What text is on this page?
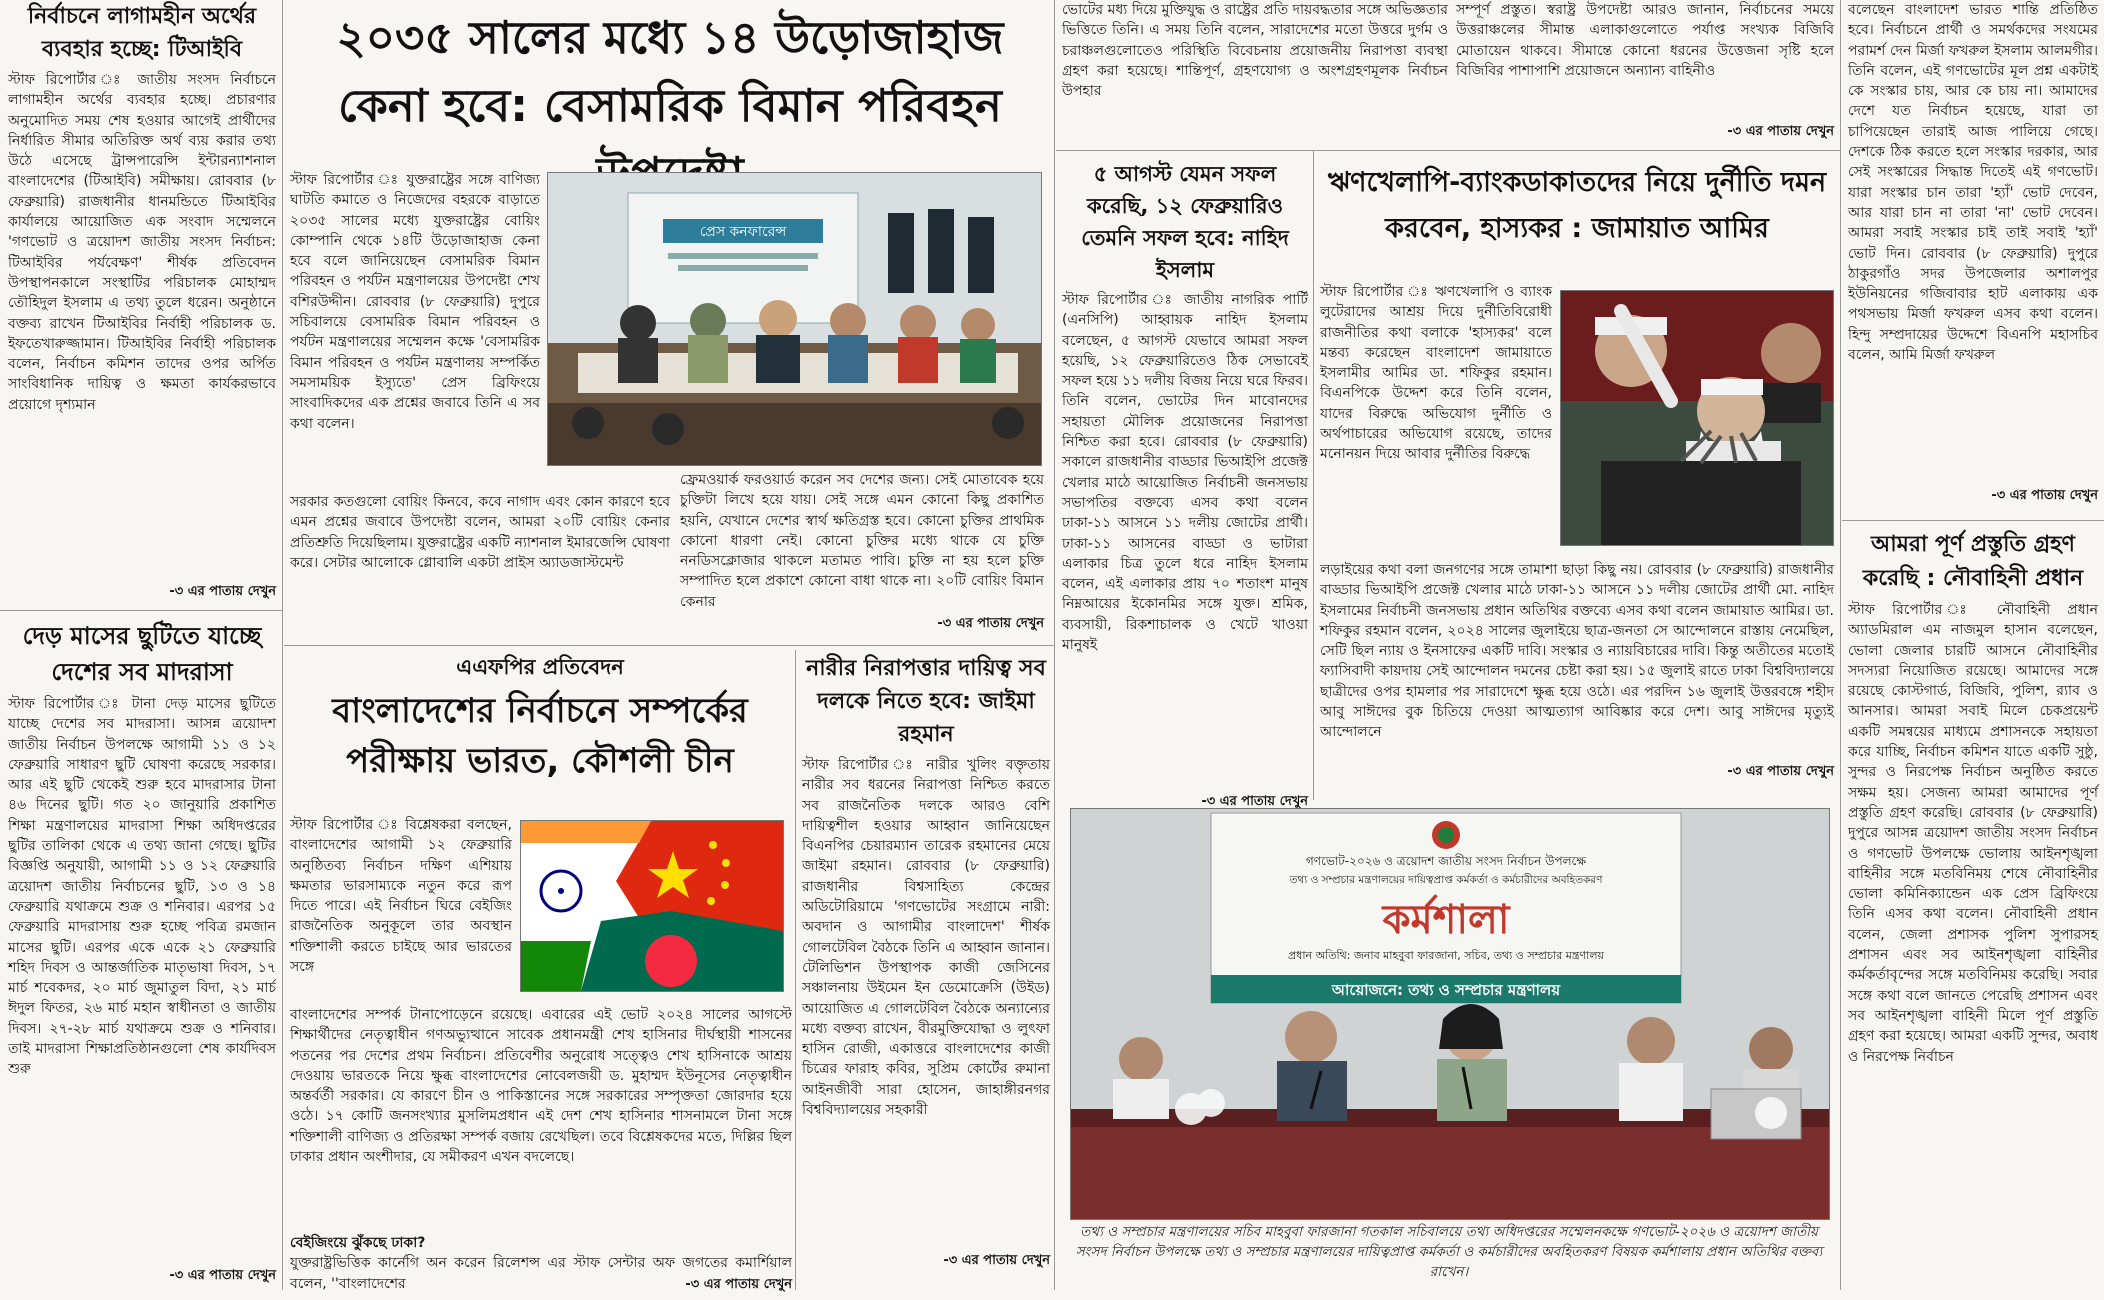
নির্বাচনে লাগামহীন অর্থের ব্যবহার হচ্ছে: টিআইবি

স্টাফ রিপোর্টার ঃ জাতীয় সংসদ নির্বাচনে লাগামহীন অর্থের ব্যবহার হচ্ছে। প্রচারণার অনুমোদিত সময় শেষ হওয়ার আগেই প্রার্থীদের নির্ধারিত সীমার অতিরিক্ত অর্থ ব্যয় করার তথ্য উঠে এসেছে ট্রান্সপারেন্সি ইন্টারন্যাশনাল বাংলাদেশের (টিআইবি) সমীক্ষায়। রোববার (৮ ফেব্রুয়ারি) রাজধানীর ধানমন্ডিতে টিআইবির কার্যালয়ে আয়োজিত এক সংবাদ সম্মেলনে 'গণভোট ও ত্রয়োদশ জাতীয় সংসদ নির্বাচন: টিআইবির পর্যবেক্ষণ' শীর্ষক প্রতিবেদন উপস্থাপনকালে সংস্থাটির পরিচালক মোহাম্মদ তৌহিদুল ইসলাম এ তথ্য তুলে ধরেন। অনুষ্ঠানে বক্তব্য রাখেন টিআইবির নির্বাহী পরিচালক ড. ইফতেখারুজ্জামান। টিআইবির নির্বাহী পরিচালক বলেন, নির্বাচন কমিশন তাদের ওপর অর্পিত সাংবিধানিক দায়িত্ব ও ক্ষমতা কার্যকরভাবে প্রয়োগে দৃশ্যমান

-৩ এর পাতায় দেখুন
দেড় মাসের ছুটিতে যাচ্ছে দেশের সব মাদরাসা

স্টাফ রিপোর্টার ঃ টানা দেড় মাসের ছুটিতে যাচ্ছে দেশের সব মাদরাসা। আসন্ন ত্রয়োদশ জাতীয় নির্বাচন উপলক্ষে আগামী ১১ ও ১২ ফেব্রুয়ারি সাধারণ ছুটি ঘোষণা করেছে সরকার। আর এই ছুটি থেকেই শুরু হবে মাদরাসার টানা ৪৬ দিনের ছুটি। গত ২০ জানুয়ারি প্রকাশিত শিক্ষা মন্ত্রণালয়ের মাদরাসা শিক্ষা অধিদপ্তরের ছুটির তালিকা থেকে এ তথ্য জানা গেছে। ছুটির বিজ্ঞপ্তি অনুযায়ী, আগামী ১১ ও ১২ ফেব্রুয়ারি ত্রয়োদশ জাতীয় নির্বাচনের ছুটি, ১৩ ও ১৪ ফেব্রুয়ারি যথাক্রমে শুক্র ও শনিবার। এরপর ১৫ ফেব্রুয়ারি মাদরাসায় শুরু হচ্ছে পবিত্র রমজান মাসের ছুটি। এরপর একে একে ২১ ফেব্রুয়ারি শহিদ দিবস ও আন্তর্জাতিক মাতৃভাষা দিবস, ১৭ মার্চ শবেকদর, ২০ মার্চ জুমাতুল বিদা, ২১ মার্চ ঈদুল ফিতর, ২৬ মার্চ মহান স্বাধীনতা ও জাতীয় দিবস। ২৭-২৮ মার্চ যথাক্রমে শুক্র ও শনিবার। তাই মাদরাসা শিক্ষাপ্রতিষ্ঠানগুলো শেষ কার্যদিবস শুরু

-৩ এর পাতায় দেখুন
২০৩৫ সালের মধ্যে ১৪ উড়োজাহাজ কেনা হবে: বেসামরিক বিমান পরিবহন

স্টাফ রিপোর্টার ঃ যুক্তরাষ্ট্রের সঙ্গে বাণিজ্য ঘাটতি কমাতে ও নিজেদের বহরকে বাড়াতে ২০৩৫ সালের মধ্যে যুক্তরাষ্ট্রের বোয়িং কোম্পানি থেকে ১৪টি উড়োজাহাজ কেনা হবে বলে জানিয়েছেন বেসামরিক বিমান পরিবহন ও পর্যটন মন্ত্রণালয়ের উপদেষ্টা শেখ বশিরউদ্দীন। রোববার (৮ ফেব্রুয়ারি) দুপুরে সচিবালয়ে বেসামরিক বিমান পরিবহন ও পর্যটন মন্ত্রণালয়ের সম্মেলন কক্ষে 'বেসামরিক বিমান পরিবহন ও পর্যটন মন্ত্রণালয় সম্পর্কিত সমসাময়িক ইস্যুতে' প্রেস ব্রিফিংয়ে সাংবাদিকদের এক প্রশ্নের জবাবে তিনি এ সব কথা বলেন।

প্রেস কনফারেন্স

সরকার কতগুলো বোয়িং কিনবে, কবে নাগাদ এবং কোন কারণে হবে এমন প্রশ্নের জবাবে উপদেষ্টা বলেন, আমরা ২০টি বোয়িং কেনার প্রতিশ্রুতি দিয়েছিলাম। যুক্তরাষ্ট্রের একটি ন্যাশনাল ইমারজেন্সি ঘোষণা করে। সেটার আলোকে গ্লোবালি একটা প্রাইস অ্যাডজাস্টমেন্ট

ফ্রেমওয়ার্ক ফরওয়ার্ড করেন সব দেশের জন্য। সেই মোতাবেক হয়ে চুক্তিটা লিখে হয়ে যায়। সেই সঙ্গে এমন কোনো কিছু প্রকাশিত হয়নি, যেখানে দেশের স্বার্থ ক্ষতিগ্রস্ত হবে। কোনো চুক্তির প্রাথমিক কোনো ধারণা নেই। কোনো চুক্তির মধ্যে থাকে যে চুক্তি ননডিসক্লোজার থাকলে মতামত পাবি। চুক্তি না হয় হলে চুক্তি সম্পাদিত হলে প্রকাশে কোনো বাধা থাকে না। ২০টি বোয়িং বিমান কেনার

-৩ এর পাতায় দেখুন
এএফপির প্রতিবেদন
বাংলাদেশের নির্বাচনে সম্পর্কের পরীক্ষায় ভারত, কৌশলী চীন

স্টাফ রিপোর্টার ঃ বিশ্লেষকরা বলছেন, বাংলাদেশের আগামী ১২ ফেব্রুয়ারি অনুষ্ঠিতব্য নির্বাচন দক্ষিণ এশিয়ায় ক্ষমতার ভারসাম্যকে নতুন করে রূপ দিতে পারে। এই নির্বাচন ঘিরে বেইজিং রাজনৈতিক অনুকূলে তার অবস্থান শক্তিশালী করতে চাইছে আর ভারতের সঙ্গে

বাংলাদেশের সম্পর্ক টানাপোড়েনে রয়েছে। এবারের এই ভোট ২০২৪ সালের আগস্টে শিক্ষার্থীদের নেতৃত্বাধীন গণঅভ্যুত্থানে সাবেক প্রধানমন্ত্রী শেখ হাসিনার দীর্ঘস্থায়ী শাসনের পতনের পর দেশের প্রথম নির্বাচন। প্রতিবেশীর অনুরোধ সত্ত্বেও শেখ হাসিনাকে আশ্রয় দেওয়ায় ভারতকে নিয়ে ক্ষুব্ধ বাংলাদেশের নোবেলজয়ী ড. মুহাম্মদ ইউনূসের নেতৃত্বাধীন অন্তর্বর্তী সরকার। যে কারণে চীন ও পাকিস্তানের সঙ্গে সরকারের সম্পৃক্ততা জোরদার হয়ে ওঠে। ১৭ কোটি জনসংখ্যার মুসলিমপ্রধান এই দেশ শেখ হাসিনার শাসনামলে টানা সঙ্গে শক্তিশালী বাণিজ্য ও প্রতিরক্ষা সম্পর্ক বজায় রেখেছিল। তবে বিশ্লেষকদের মতে, দিল্লির ছিল ঢাকার প্রধান অংশীদার, যে সমীকরণ এখন বদলেছে।

বেইজিংয়ে ঝুঁকছে ঢাকা?

যুক্তরাষ্ট্রভিত্তিক কার্নেগি অন করেন রিলেশন্স এর স্টাফ সেন্টার অফ জগতের কমার্শিয়াল বলেন, ''বাংলাদেশের	-৩ এর পাতায় দেখুন
নারীর নিরাপত্তার দায়িত্ব সব দলকে নিতে হবে: জাইমা রহমান

স্টাফ রিপোর্টার ঃ নারীর খুলিং বক্তৃতায় নারীর সব ধরনের নিরাপত্তা নিশ্চিত করতে সব রাজনৈতিক দলকে আরও বেশি দায়িত্বশীল হওয়ার আহ্বান জানিয়েছেন বিএনপির চেয়ারম্যান তারেক রহমানের মেয়ে জাইমা রহমান। রোববার (৮ ফেব্রুয়ারি) রাজধানীর বিশ্বসাহিত্য কেন্দ্রের অডিটোরিয়ামে 'গণভোটের সংগ্রামে নারী: অবদান ও আগামীর বাংলাদেশ' শীর্ষক গোলটেবিল বৈঠকে তিনি এ আহ্বান জানান। টেলিভিশন উপস্থাপক কাজী জেসিনের সঞ্চালনায় উইমেন ইন ডেমোক্রেসি (উইড) আয়োজিত এ গোলটেবিল বৈঠকে অন্যান্যের মধ্যে বক্তব্য রাখেন, বীরমুক্তিযোদ্ধা ও লুৎফা হাসিন রোজী, একাত্তরে বাংলাদেশের কাজী চিত্রের ফারাহ কবির, সুপ্রিম কোর্টের রুমানা আইনজীবী সারা হোসেন, জাহাঙ্গীরনগর বিশ্ববিদ্যালয়ের সহকারী

-৩ এর পাতায় দেখুন

ভোটের মধ্য দিয়ে মুক্তিযুদ্ধ ও রাষ্ট্রের প্রতি দায়বদ্ধতার সঙ্গে অভিজ্ঞতার ভিত্তিতে তিনি। এ সময় তিনি বলেন, সারাদেশের মতো উত্তরে দুর্গম ও চরাঞ্চলগুলোতেও পরিস্থিতি বিবেচনায় প্রয়োজনীয় নিরাপত্তা ব্যবস্থা গ্রহণ করা হয়েছে। শান্তিপূর্ণ, গ্রহণযোগ্য ও অংশগ্রহণমূলক নির্বাচন উপহার

সম্পূর্ণ প্রস্তুত। স্বরাষ্ট্র উপদেষ্টা আরও জানান, নির্বাচনের সময়ে উত্তরাঞ্চলের সীমান্ত এলাকাগুলোতে পর্যাপ্ত সংখ্যক বিজিবি মোতায়েন থাকবে। সীমান্তে কোনো ধরনের উত্তেজনা সৃষ্টি হলে বিজিবির পাশাপাশি প্রয়োজনে অন্যান্য বাহিনীও

-৩ এর পাতায় দেখুন
৫ আগস্ট যেমন সফল করেছি, ১২ ফেব্রুয়ারিও তেমনি সফল হবে: নাহিদ ইসলাম

স্টাফ রিপোর্টার ঃ জাতীয় নাগরিক পার্টি (এনসিপি) আহ্বায়ক নাহিদ ইসলাম বলেছেন, ৫ আগস্ট যেভাবে আমরা সফল হয়েছি, ১২ ফেব্রুয়ারিতেও ঠিক সেভাবেই সফল হয়ে ১১ দলীয় বিজয় নিয়ে ঘরে ফিরব। তিনি বলেন, ভোটের দিন মাবোনদের সহায়তা মৌলিক প্রয়োজনের নিরাপত্তা নিশ্চিত করা হবে। রোববার (৮ ফেব্রুয়ারি) সকালে রাজধানীর বাড্ডার ভিআইপি প্রজেক্ট খেলার মাঠে আয়োজিত নির্বাচনী জনসভায় সভাপতির বক্তব্যে এসব কথা বলেন ঢাকা-১১ আসনে ১১ দলীয় জোটের প্রার্থী। ঢাকা-১১ আসনের বাড্ডা ও ভাটারা এলাকার চিত্র তুলে ধরে নাহিদ ইসলাম বলেন, এই এলাকার প্রায় ৭০ শতাংশ মানুষ নিম্নআয়ের ইকোনমির সঙ্গে যুক্ত। শ্রমিক, ব্যবসায়ী, রিকশাচালক ও খেটে খাওয়া মানুষই

-৩ এর পাতায় দেখুন
ঋণখেলাপি-ব্যাংকডাকাতদের নিয়ে দুর্নীতি দমন করবেন, হাস্যকর : জামায়াত আমির

স্টাফ রিপোর্টার ঃ ঋণখেলাপি ও ব্যাংক লুটেরাদের আশ্রয় দিয়ে দুর্নীতিবিরোধী রাজনীতির কথা বলাকে 'হাস্যকর' বলে মন্তব্য করেছেন বাংলাদেশ জামায়াতে ইসলামীর আমির ডা. শফিকুর রহমান। বিএনপিকে উদ্দেশ করে তিনি বলেন, যাদের বিরুদ্ধে অভিযোগ দুর্নীতি ও অর্থপাচারের অভিযোগ রয়েছে, তাদের মনোনয়ন দিয়ে আবার দুর্নীতির বিরুদ্ধে

লড়াইয়ের কথা বলা জনগণের সঙ্গে তামাশা ছাড়া কিছু নয়। রোববার (৮ ফেব্রুয়ারি) রাজধানীর বাড্ডার ভিআইপি প্রজেক্ট খেলার মাঠে ঢাকা-১১ আসনে ১১ দলীয় জোটের প্রার্থী মো. নাহিদ ইসলামের নির্বাচনী জনসভায় প্রধান অতিথির বক্তব্যে এসব কথা বলেন জামায়াত আমির। ডা. শফিকুর রহমান বলেন, ২০২৪ সালের জুলাইয়ে ছাত্র-জনতা সে আন্দোলনে রাস্তায় নেমেছিল, সেটি ছিল ন্যায় ও ইনসাফের একটি দাবি। সংস্কার ও ন্যায়বিচারের দাবি। কিন্তু অতীতের মতোই ফ্যাসিবাদী কায়দায় সেই আন্দোলন দমনের চেষ্টা করা হয়। ১৫ জুলাই রাতে ঢাকা বিশ্ববিদ্যালয়ে ছাত্রীদের ওপর হামলার পর সারাদেশে ক্ষুব্ধ হয়ে ওঠে। এর পরদিন ১৬ জুলাই উত্তরবঙ্গে শহীদ আবু সাঈদের বুক চিতিয়ে দেওয়া আত্মত্যাগ আবিষ্কার করে দেশ। আবু সাঈদের মৃত্যুই আন্দোলনে

-৩ এর পাতায় দেখুন
গণভোট-২০২৬ ও ত্রয়োদশ জাতীয় সংসদ নির্বাচন উপলক্ষে
তথ্য ও সম্প্রচার মন্ত্রণালয়ের দায়িত্বপ্রাপ্ত কর্মকর্তা ও কর্মচারীদের অবহিতকরণ
কর্মশালা
প্রধান অতিথি: জনাব মাহবুবা ফারজানা, সচিব, তথ্য ও সম্প্রচার মন্ত্রণালয়
আয়োজনে: তথ্য ও সম্প্রচার মন্ত্রণালয়
তথ্য ও সম্প্রচার মন্ত্রণালয়ের সচিব মাহবুবা ফারজানা গতকাল সচিবালয়ে তথ্য অধিদপ্তরের সম্মেলনকক্ষে গণভোট-২০২৬ ও ত্রয়োদশ জাতীয় সংসদ নির্বাচন উপলক্ষে তথ্য ও সম্প্রচার মন্ত্রণালয়ের দায়িত্বপ্রাপ্ত কর্মকর্তা ও কর্মচারীদের অবহিতকরণ বিষয়ক কর্মশালায় প্রধান অতিথির বক্তব্য রাখেন।

বলেছেন বাংলাদেশ ভারত শান্তি প্রতিষ্ঠিত হবে। নির্বাচনে প্রার্থী ও সমর্থকদের সংযমের পরামর্শ দেন মির্জা ফখরুল ইসলাম আলমগীর। তিনি বলেন, এই গণভোটের মূল প্রশ্ন একটাই কে সংস্কার চায়, আর কে চায় না। আমাদের দেশে যত নির্বাচন হয়েছে, যারা তা চাপিয়েছেন তারাই আজ পালিয়ে গেছে। দেশকে ঠিক করতে হলে সংস্কার দরকার, আর সেই সংস্কারের সিদ্ধান্ত দিতেই এই গণভোট। যারা সংস্কার চান তারা 'হ্যাঁ' ভোট দেবেন, আর যারা চান না তারা 'না' ভোট দেবেন। আমরা সবাই সংস্কার চাই তাই সবাই 'হ্যাঁ' ভোট দিন। রোববার (৮ ফেব্রুয়ারি) দুপুরে ঠাকুরগাঁও সদর উপজেলার অশালপুর ইউনিয়নের গজিবাবার হাট এলাকায় এক পথসভায় মির্জা ফখরুল এসব কথা বলেন। হিন্দু সম্প্রদায়ের উদ্দেশে বিএনপি মহাসচিব বলেন, আমি মির্জা ফখরুল

-৩ এর পাতায় দেখুন
আমরা পূর্ণ প্রস্তুতি গ্রহণ করেছি : নৌবাহিনী প্রধান

স্টাফ রিপোর্টার ঃ নৌবাহিনী প্রধান অ্যাডমিরাল এম নাজমুল হাসান বলেছেন, ভোলা জেলার চারটি আসনে নৌবাহিনীর সদস্যরা নিয়োজিত রয়েছে। আমাদের সঙ্গে রয়েছে কোস্টগার্ড, বিজিবি, পুলিশ, র‍্যাব ও আনসার। আমরা সবাই মিলে চেকপ্রয়েন্ট একটি সমন্বয়ের মাধ্যমে প্রশাসনকে সহায়তা করে যাচ্ছি, নির্বাচন কমিশন যাতে একটি সুষ্ঠু, সুন্দর ও নিরপেক্ষ নির্বাচন অনুষ্ঠিত করতে সক্ষম হয়। সেজন্য আমরা আমাদের পূর্ণ প্রস্তুতি গ্রহণ করেছি। রোববার (৮ ফেব্রুয়ারি) দুপুরে আসন্ন ত্রয়োদশ জাতীয় সংসদ নির্বাচন ও গণভোট উপলক্ষে ভোলায় আইনশৃঙ্খলা বাহিনীর সঙ্গে মতবিনিময় শেষে নৌবাহিনীর ভোলা কমিনিক্যান্ডেন এক প্রেস ব্রিফিংয়ে তিনি এসব কথা বলেন। নৌবাহিনী প্রধান বলেন, জেলা প্রশাসক পুলিশ সুপারসহ প্রশাসন এবং সব আইনশৃঙ্খলা বাহিনীর কর্মকর্তাবৃন্দের সঙ্গে মতবিনিময় করেছি। সবার সঙ্গে কথা বলে জানতে পেরেছি প্রশাসন এবং সব আইনশৃঙ্খলা বাহিনী মিলে পূর্ণ প্রস্তুতি গ্রহণ করা হয়েছে। আমরা একটি সুন্দর, অবাধ ও নিরপেক্ষ নির্বাচন
